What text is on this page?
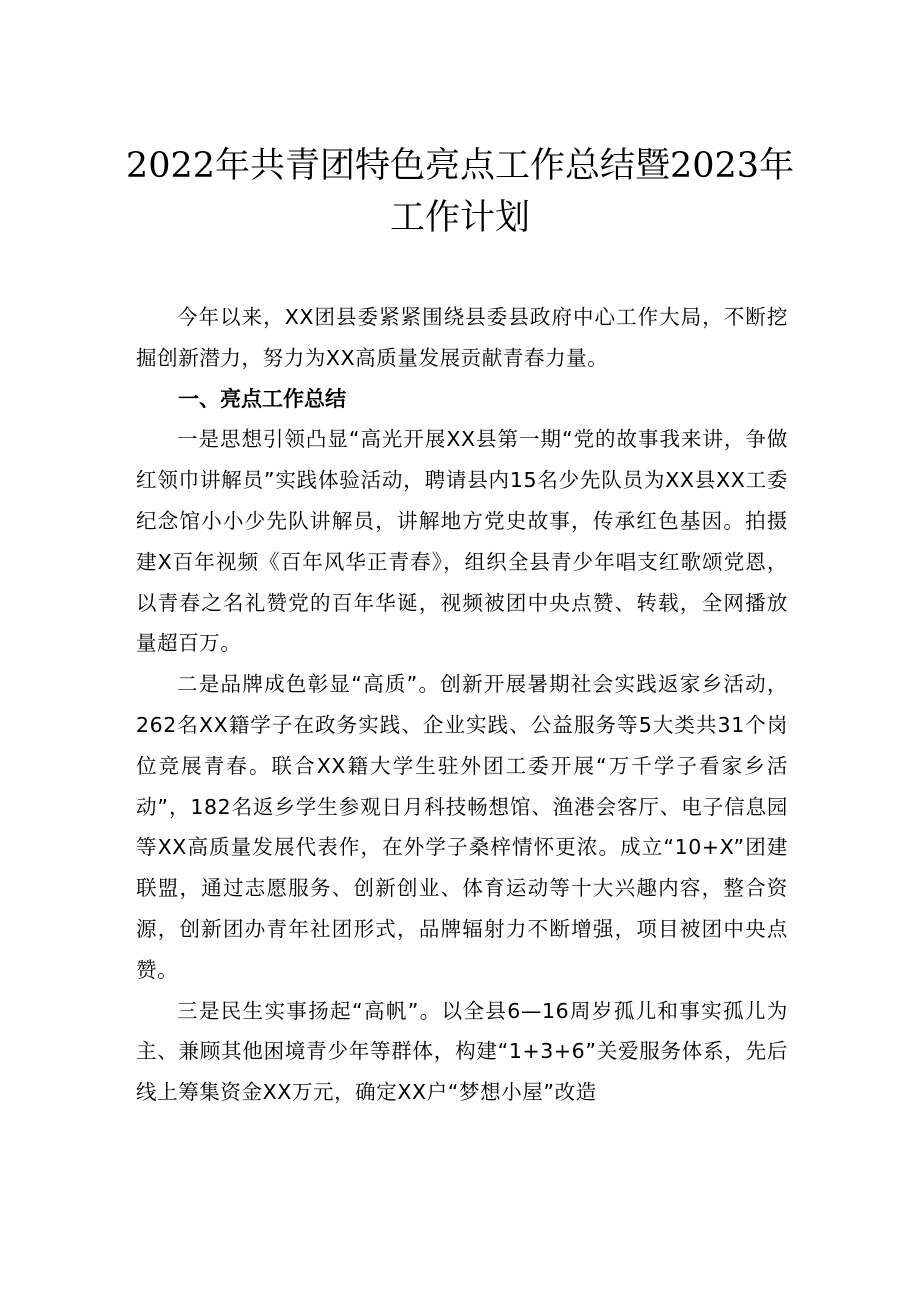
2022年共青团特色亮点工作总结暨2023年
工作计划

今年以来，XX团县委紧紧围绕县委县政府中心工作大局，不断挖掘创新潜力，努力为XX高质量发展贡献青春力量。

一、亮点工作总结

一是思想引领凸显“高光开展XX县第一期“党的故事我来讲，争做红领巾讲解员”实践体验活动，聘请县内15名少先队员为XX县XX工委纪念馆小小少先队讲解员，讲解地方党史故事，传承红色基因。拍摄建X百年视频《百年风华正青春》，组织全县青少年唱支红歌颂党恩，以青春之名礼赞党的百年华诞，视频被团中央点赞、转载，全网播放量超百万。

二是品牌成色彰显“高质”。创新开展暑期社会实践返家乡活动，262名XX籍学子在政务实践、企业实践、公益服务等5大类共31个岗位竞展青春。联合XX籍大学生驻外团工委开展“万千学子看家乡活动”，182名返乡学生参观日月科技畅想馆、渔港会客厅、电子信息园等XX高质量发展代表作，在外学子桑梓情怀更浓。成立“10+X”团建联盟，通过志愿服务、创新创业、体育运动等十大兴趣内容，整合资源，创新团办青年社团形式，品牌辐射力不断增强，项目被团中央点赞。

三是民生实事扬起“高帆”。以全县6—16周岁孤儿和事实孤儿为主、兼顾其他困境青少年等群体，构建“1+3+6”关爱服务体系，先后线上筹集资金XX万元，确定XX户“梦想小屋”改造
